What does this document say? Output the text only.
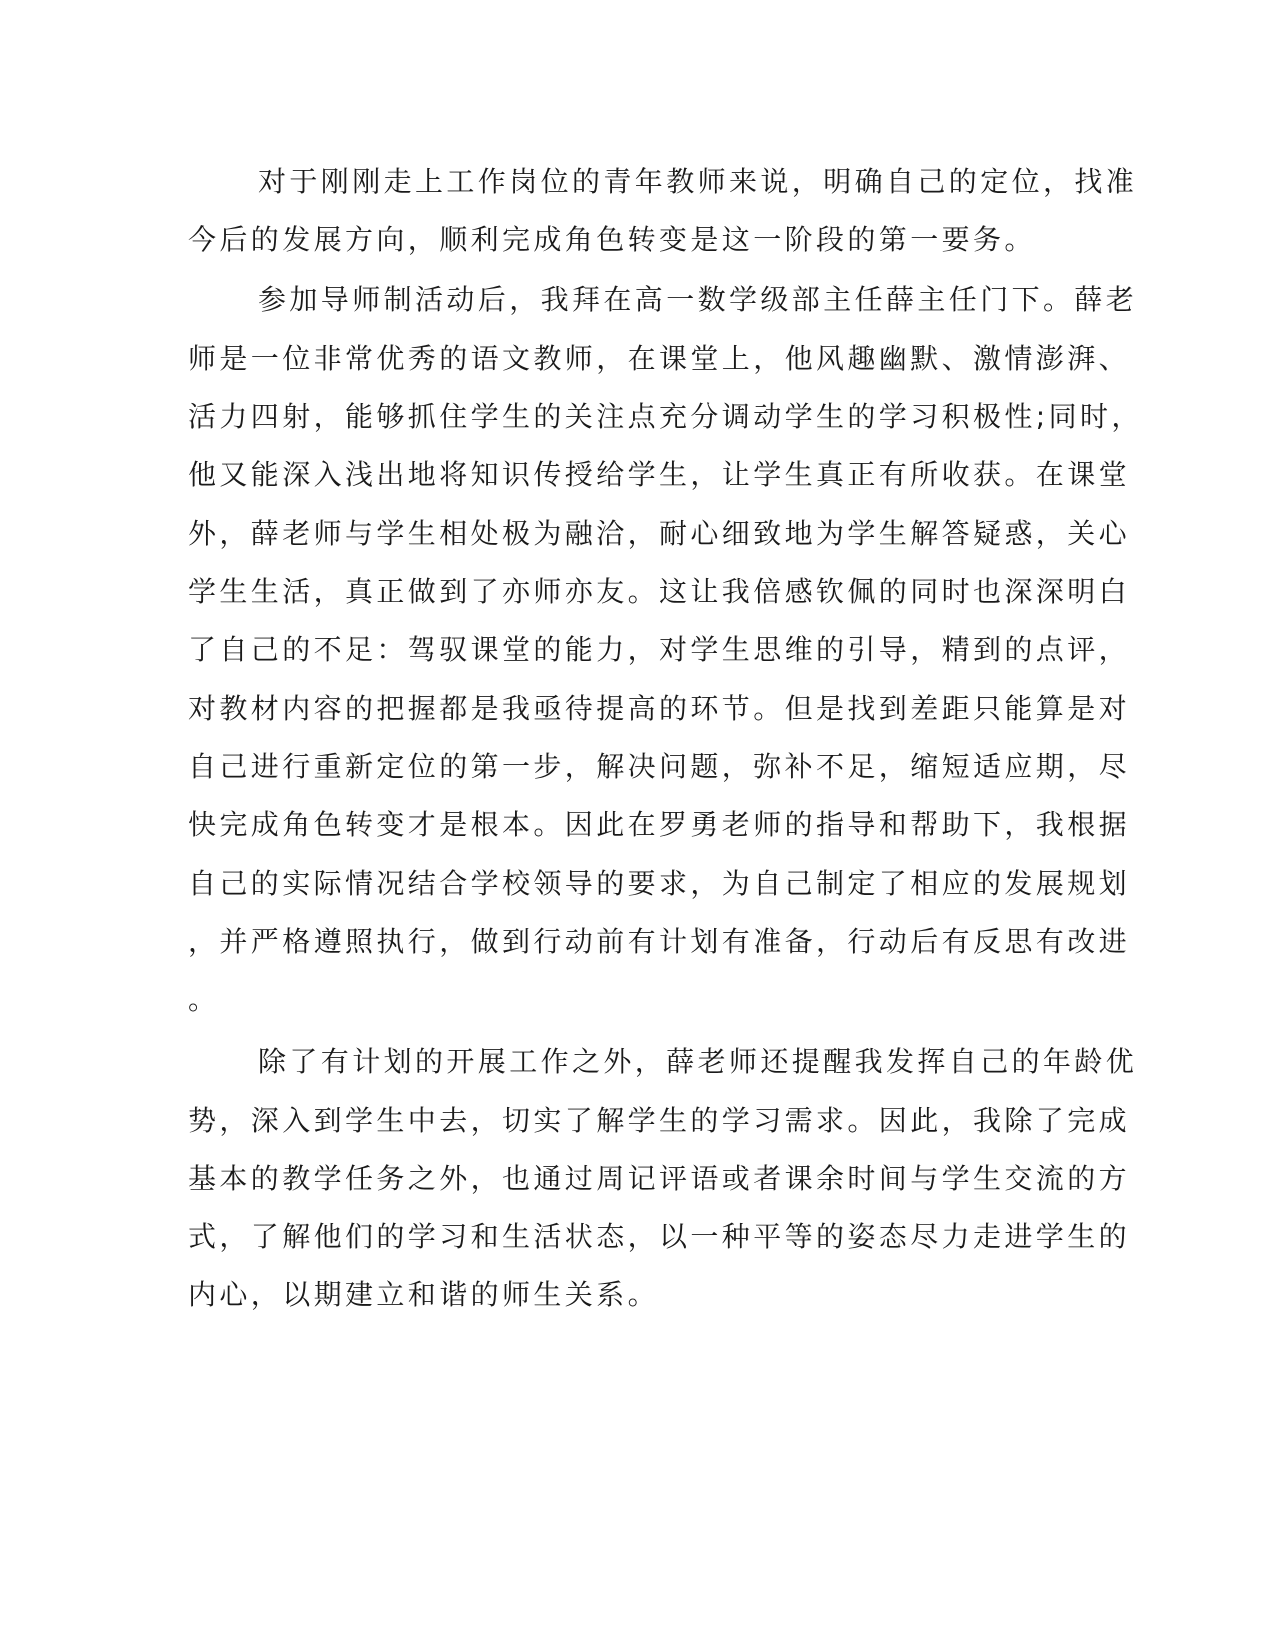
对于刚刚走上工作岗位的青年教师来说，明确自己的定位，找准
今后的发展方向，顺利完成角色转变是这一阶段的第一要务。
参加导师制活动后，我拜在高一数学级部主任薛主任门下。薛老
师是一位非常优秀的语文教师，在课堂上，他风趣幽默、激情澎湃、
活力四射，能够抓住学生的关注点充分调动学生的学习积极性;同时，
他又能深入浅出地将知识传授给学生，让学生真正有所收获。在课堂
外，薛老师与学生相处极为融洽，耐心细致地为学生解答疑惑，关心
学生生活，真正做到了亦师亦友。这让我倍感钦佩的同时也深深明白
了自己的不足：驾驭课堂的能力，对学生思维的引导，精到的点评，
对教材内容的把握都是我亟待提高的环节。但是找到差距只能算是对
自己进行重新定位的第一步，解决问题，弥补不足，缩短适应期，尽
快完成角色转变才是根本。因此在罗勇老师的指导和帮助下，我根据
自己的实际情况结合学校领导的要求，为自己制定了相应的发展规划
，并严格遵照执行，做到行动前有计划有准备，行动后有反思有改进
。
除了有计划的开展工作之外，薛老师还提醒我发挥自己的年龄优
势，深入到学生中去，切实了解学生的学习需求。因此，我除了完成
基本的教学任务之外，也通过周记评语或者课余时间与学生交流的方
式，了解他们的学习和生活状态，以一种平等的姿态尽力走进学生的
内心，以期建立和谐的师生关系。
